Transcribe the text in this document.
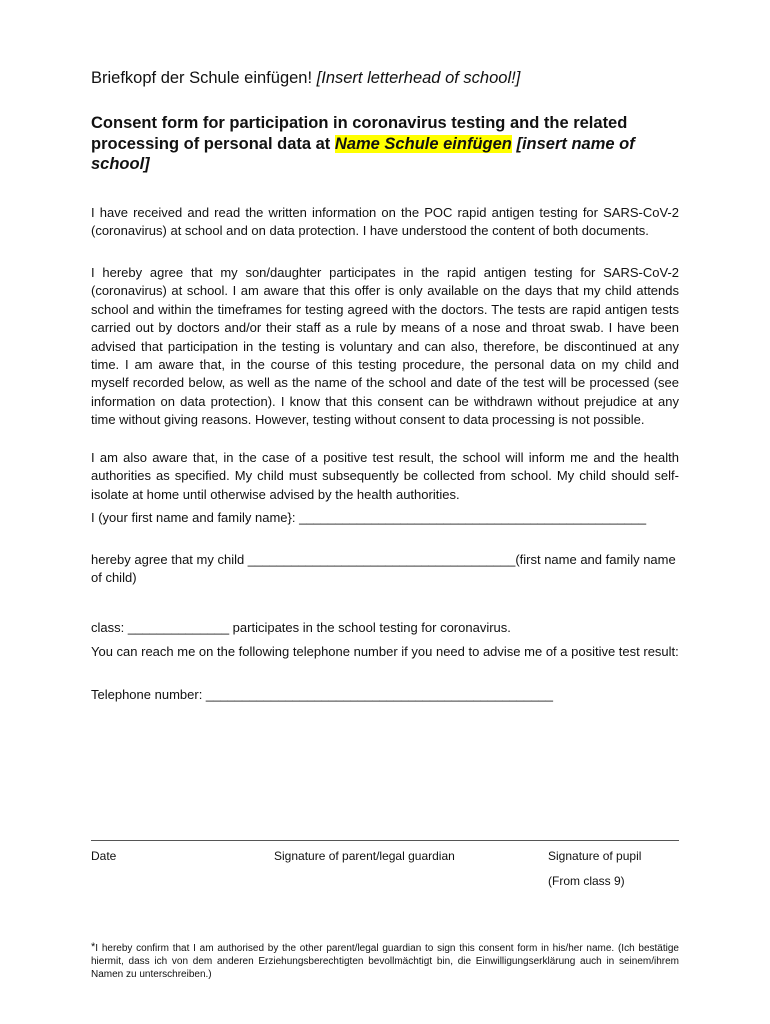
Briefkopf der Schule einfügen! [Insert letterhead of school!]
Consent form for participation in coronavirus testing and the related processing of personal data at Name Schule einfügen [insert name of school]
I have received and read the written information on the POC rapid antigen testing for SARS-CoV-2 (coronavirus) at school and on data protection. I have understood the content of both documents.
I hereby agree that my son/daughter participates in the rapid antigen testing for SARS-CoV-2 (coronavirus) at school. I am aware that this offer is only available on the days that my child attends school and within the timeframes for testing agreed with the doctors. The tests are rapid antigen tests carried out by doctors and/or their staff as a rule by means of a nose and throat swab. I have been advised that participation in the testing is voluntary and can also, therefore, be discontinued at any time. I am aware that, in the course of this testing procedure, the personal data on my child and myself recorded below, as well as the name of the school and date of the test will be processed (see information on data protection). I know that this consent can be withdrawn without prejudice at any time without giving reasons. However, testing without consent to data processing is not possible.
I am also aware that, in the case of a positive test result, the school will inform me and the health authorities as specified. My child must subsequently be collected from school. My child should self-isolate at home until otherwise advised by the health authorities.
I (your first name and family name}: ________________________________________________
hereby agree that my child _____________________________________(first name and family name of child)
class: ______________ participates in the school testing for coronavirus.
You can reach me on the following telephone number if you need to advise me of a positive test result:
Telephone number: ________________________________________________
Date	Signature of parent/legal guardian	Signature of pupil
(From class 9)
*I hereby confirm that I am authorised by the other parent/legal guardian to sign this consent form in his/her name. (Ich bestätige hiermit, dass ich von dem anderen Erziehungsberechtigten bevollmächtigt bin, die Einwilligungserklärung auch in seinem/ihrem Namen zu unterschreiben.)
